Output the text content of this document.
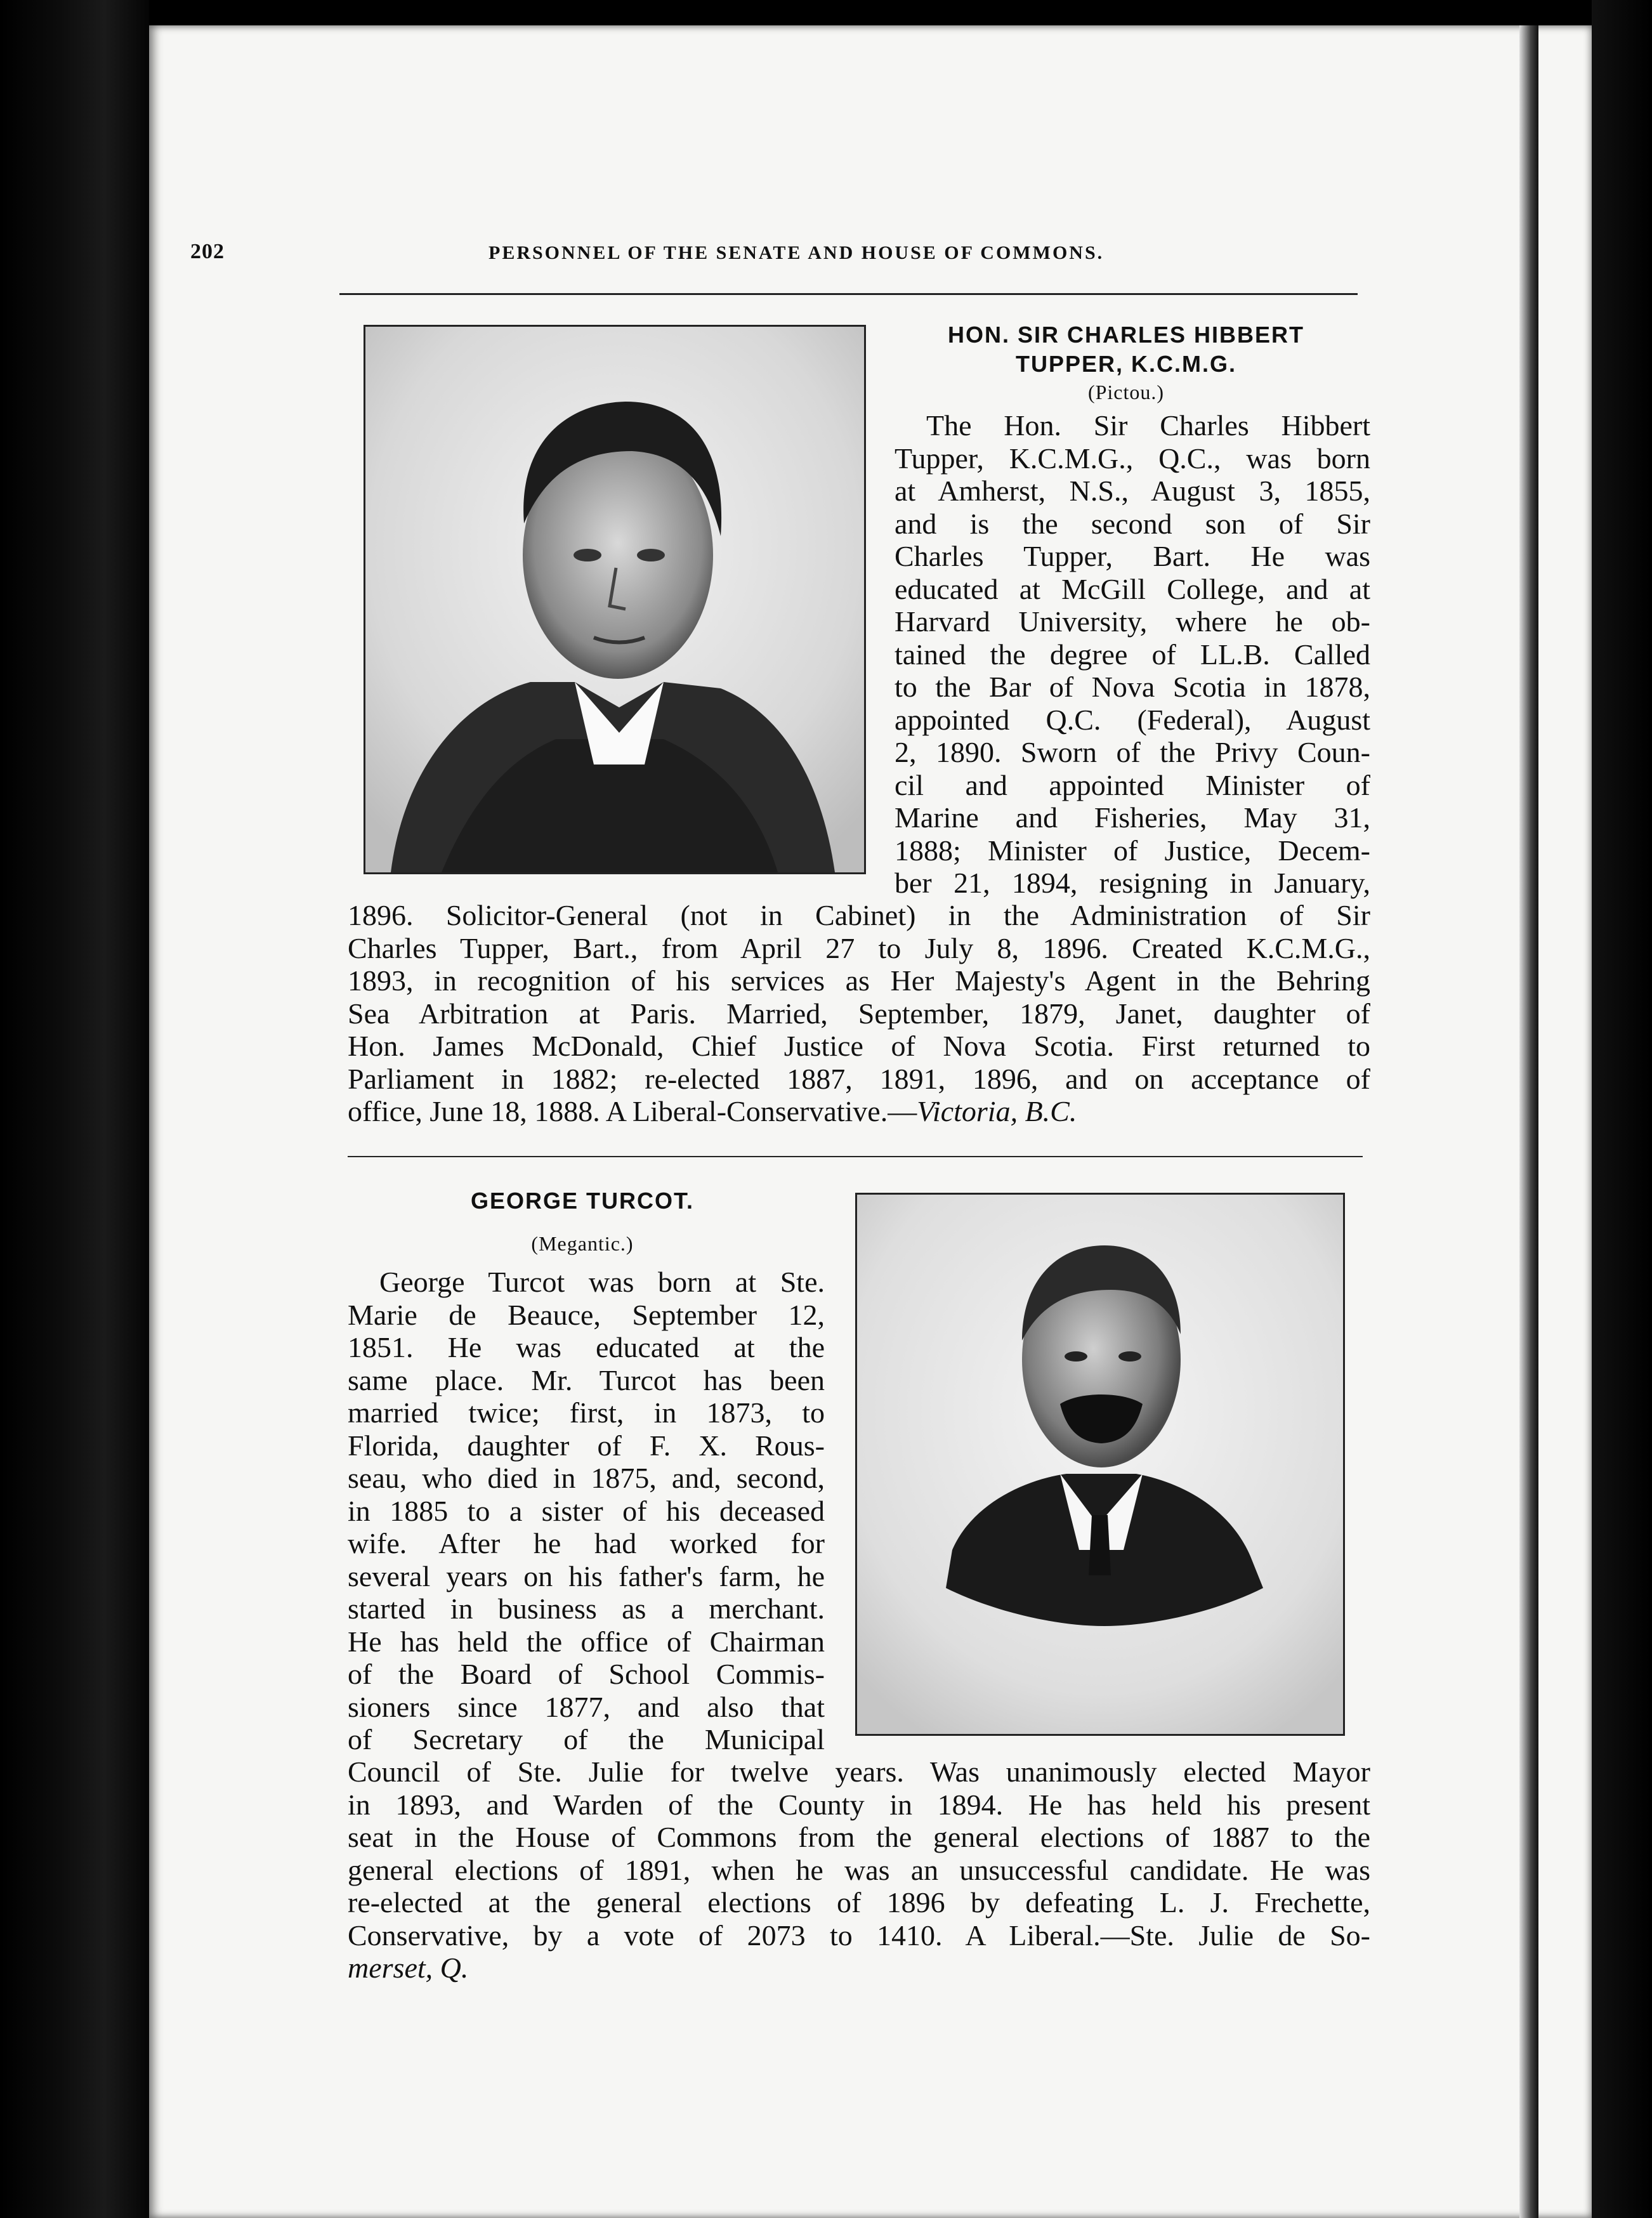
202	PERSONNEL OF THE SENATE AND HOUSE OF COMMONS.
HON. SIR CHARLES HIBBERT
TUPPER, K.C.M.G.
(Pictou.)
The Hon. Sir Charles Hibbert
Tupper, K.C.M.G., Q.C., was born
at Amherst, N.S., August 3, 1855,
and is the second son of Sir
Charles Tupper, Bart. He was
educated at McGill College, and at
Harvard University, where he ob-
tained the degree of LL.B. Called
to the Bar of Nova Scotia in 1878,
appointed Q.C. (Federal), August
2, 1890. Sworn of the Privy Coun-
cil and appointed Minister of
Marine and Fisheries, May 31,
1888; Minister of Justice, Decem-
ber 21, 1894, resigning in January,
1896. Solicitor-General (not in Cabinet) in the Administration of Sir
Charles Tupper, Bart., from April 27 to July 8, 1896. Created K.C.M.G.,
1893, in recognition of his services as Her Majesty's Agent in the Behring
Sea Arbitration at Paris. Married, September, 1879, Janet, daughter of
Hon. James McDonald, Chief Justice of Nova Scotia. First returned to
Parliament in 1882; re-elected 1887, 1891, 1896, and on acceptance of
office, June 18, 1888. A Liberal-Conservative.—Victoria, B.C.
GEORGE TURCOT.
(Megantic.)
George Turcot was born at Ste.
Marie de Beauce, September 12,
1851. He was educated at the
same place. Mr. Turcot has been
married twice; first, in 1873, to
Florida, daughter of F. X. Rous-
seau, who died in 1875, and, second,
in 1885 to a sister of his deceased
wife. After he had worked for
several years on his father's farm, he
started in business as a merchant.
He has held the office of Chairman
of the Board of School Commis-
sioners since 1877, and also that
of Secretary of the Municipal
Council of Ste. Julie for twelve years. Was unanimously elected Mayor
in 1893, and Warden of the County in 1894. He has held his present
seat in the House of Commons from the general elections of 1887 to the
general elections of 1891, when he was an unsuccessful candidate. He was
re-elected at the general elections of 1896 by defeating L. J. Frechette,
Conservative, by a vote of 2073 to 1410. A Liberal.—Ste. Julie de So-
merset, Q.
